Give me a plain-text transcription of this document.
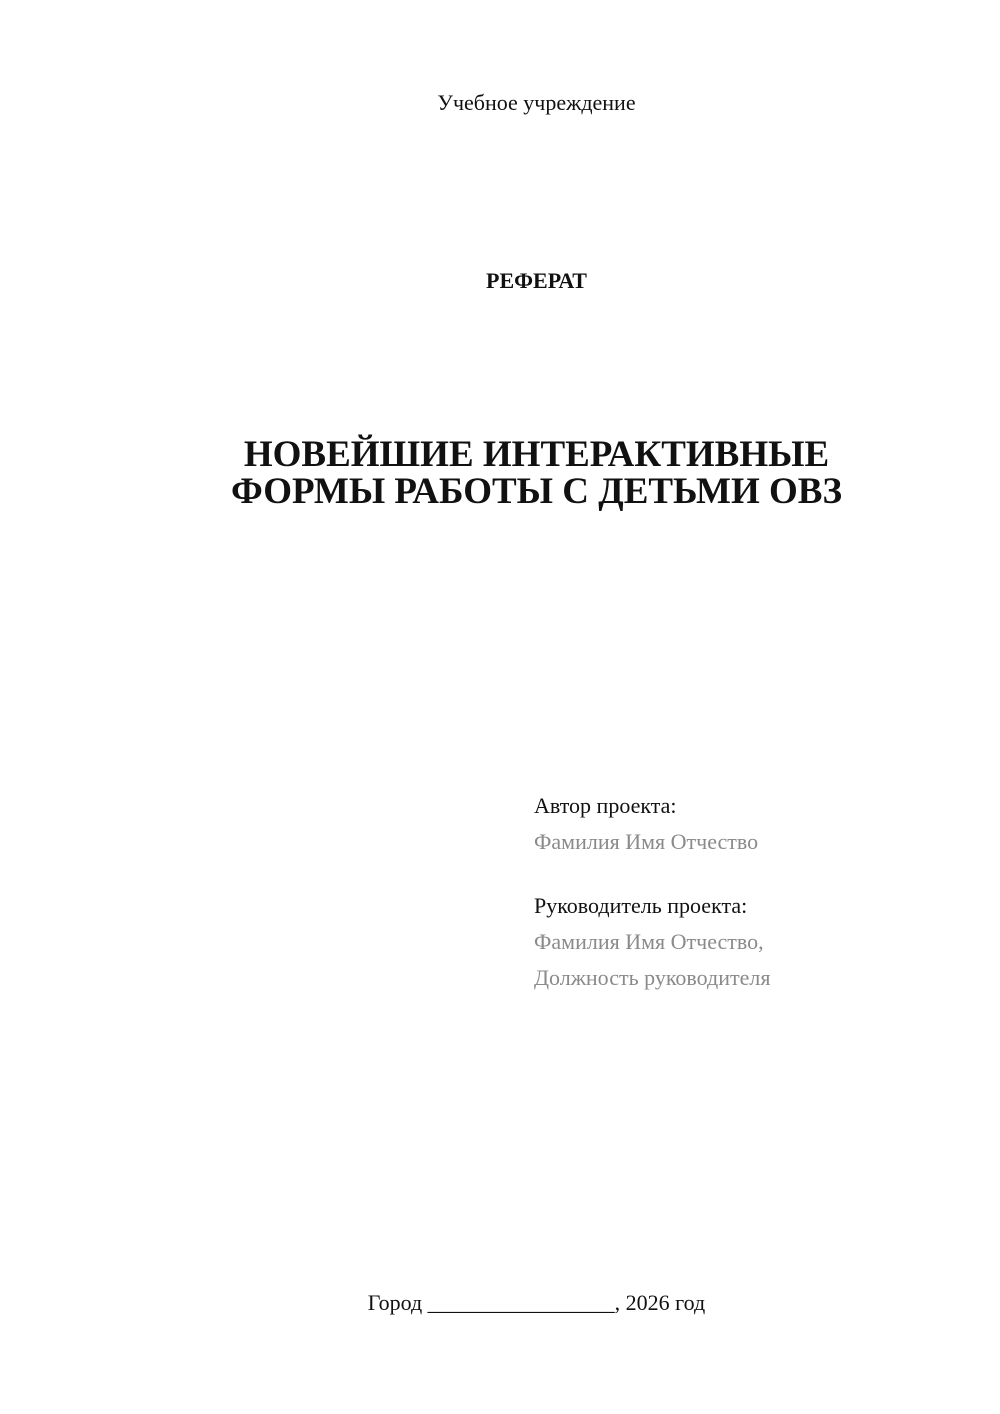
Учебное учреждение
РЕФЕРАТ
НОВЕЙШИЕ ИНТЕРАКТИВНЫЕ
ФОРМЫ РАБОТЫ С ДЕТЬМИ ОВЗ
Автор проекта:
Фамилия Имя Отчество
Руководитель проекта:
Фамилия Имя Отчество,
Должность руководителя
Город _________________, 2026 год
